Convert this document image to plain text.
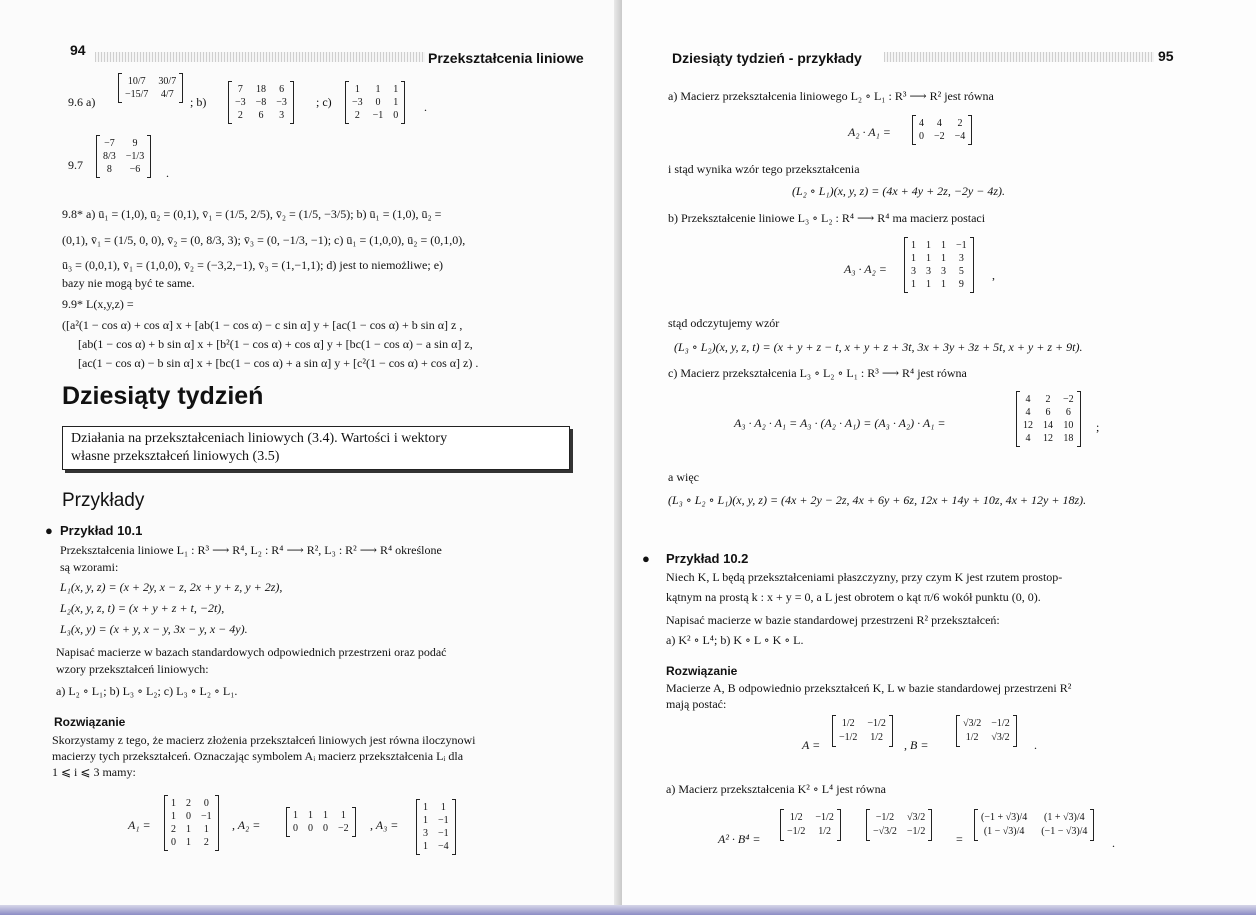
94	Przekształcenia liniowe
9.6 a)
10/7 30/7
−15/7 4/7
; b)
7 18 6
−3 −8 −3
2 6 3
; c)
1 1 1
−3 0 1
2 −1 0
.
9.7
−7	9
8/3 −1/3
8	−6	.
9.8* a) ū₁ = (1,0), ū₂ = (0,1), v̄₁ = (1/5, 2/5), v̄₂ = (1/5, −3/5); b) ū₁ = (1,0), ū₂ =
(0,1), v̄₁ = (1/5, 0, 0), v̄₂ = (0, 8/3, 3); v̄₃ = (0, −1/3, −1); c) ū₁ = (1,0,0), ū₂ = (0,1,0),
ū₃ = (0,0,1), v̄₁ = (1,0,0), v̄₂ = (−3,2,−1), v̄₃ = (1,−1,1); d) jest to niemożliwe; e)
bazy nie mogą być te same.
9.9* L(x,y,z) =
([a²(1 − cos α) + cos α] x + [ab(1 − cos α) − c sin α] y + [ac(1 − cos α) + b sin α] z ,
[ab(1 − cos α) + b sin α] x + [b²(1 − cos α) + cos α] y + [bc(1 − cos α) − a sin α] z,
[ac(1 − cos α) − b sin α] x + [bc(1 − cos α) + a sin α] y + [c²(1 − cos α) + cos α] z) .
Dziesiąty tydzień
Działania na przekształceniach liniowych (3.4). Wartości i wektory
własne przekształceń liniowych (3.5)
Przykłady
● Przykład 10.1
Przekształcenia liniowe L₁ : R³ ⟶ R⁴, L₂ : R⁴ ⟶ R², L₃ : R² ⟶ R⁴ określone
są wzorami:
L₁(x, y, z) = (x + 2y, x − z, 2x + y + z, y + 2z),
L₂(x, y, z, t) = (x + y + z + t, −2t),
L₃(x, y) = (x + y, x − y, 3x − y, x − 4y).
Napisać macierze w bazach standardowych odpowiednich przestrzeni oraz podać
wzory przekształceń liniowych:
a) L₂ ∘ L₁; b) L₃ ∘ L₂; c) L₃ ∘ L₂ ∘ L₁.
Rozwiązanie
Skorzystamy z tego, że macierz złożenia przekształceń liniowych jest równa iloczynowi
macierzy tych przekształceń. Oznaczając symbolem Aᵢ macierz przekształcenia Lᵢ dla
1 ⩽ i ⩽ 3 mamy:
A₁ =
1 2 0
1 0 −1
2 1 1
0 1 2
, A₂ =
1 1 1 1
0 0 0 −2 , A₃ =
1 1
1 −1
3 −1
1 −4
Dziesiąty tydzień - przykłady	95
a) Macierz przekształcenia liniowego L₂ ∘ L₁ : R³ ⟶ R² jest równa
A₂ · A₁ =
4 4 2
0 −2 −4
i stąd wynika wzór tego przekształcenia
(L₂ ∘ L₁)(x, y, z) = (4x + 4y + 2z, −2y − 4z).
b) Przekształcenie liniowe L₃ ∘ L₂ : R⁴ ⟶ R⁴ ma macierz postaci
A₃ · A₂ =
1 1 1 −1
1 1 1 3
3 3 3 5
1 1 1 9
,
stąd odczytujemy wzór
(L₃ ∘ L₂)(x, y, z, t) = (x + y + z − t, x + y + z + 3t, 3x + 3y + 3z + 5t, x + y + z + 9t).
c) Macierz przekształcenia L₃ ∘ L₂ ∘ L₁ : R³ ⟶ R⁴ jest równa
A₃ · A₂ · A₁ = A₃ · (A₂ · A₁) = (A₃ · A₂) · A₁ =
4 2 −2
4 6 6
12 14 10
4 12 18
;
a więc
(L₃ ∘ L₂ ∘ L₁)(x, y, z) = (4x + 2y − 2z, 4x + 6y + 6z, 12x + 14y + 10z, 4x + 12y + 18z).
● Przykład 10.2
Niech K, L będą przekształceniami płaszczyzny, przy czym K jest rzutem prostop-
kątnym na prostą k : x + y = 0, a L jest obrotem o kąt π/6 wokół punktu (0, 0).
Napisać macierze w bazie standardowej przestrzeni R² przekształceń:
a) K² ∘ L⁴; b) K ∘ L ∘ K ∘ L.
Rozwiązanie
Macierze A, B odpowiednio przekształceń K, L w bazie standardowej przestrzeni R²
mają postać:
A =
1/2 −1/2
−1/2 1/2
, B =
√3/2 −1/2
1/2 √3/2
.
a) Macierz przekształcenia K² ∘ L⁴ jest równa
A² · B⁴ =
1/2 −1/2
−1/2 1/2
−1/2 √3/2
−√3/2 −1/2
=
(−1 + √3)/4 (1 + √3)/4
(1 − √3)/4 (−1 − √3)/4
.
